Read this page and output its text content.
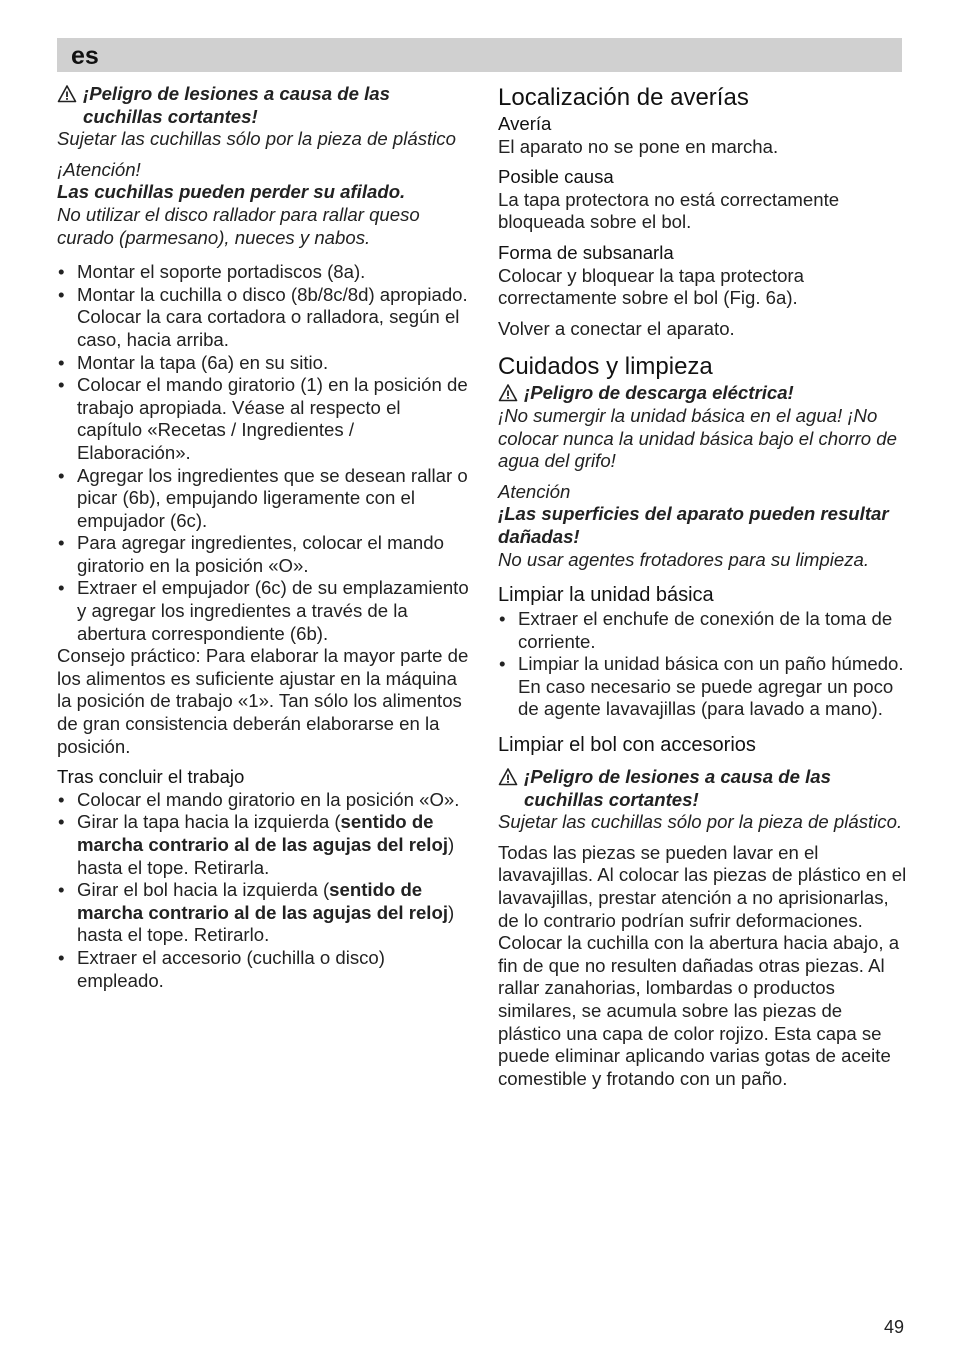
es

¡Peligro de lesiones a causa de las
cuchillas cortantes!

Sujetar las cuchillas sólo por la pieza de plástico

¡Atención!

Las cuchillas pueden perder su afilado.

No utilizar el disco rallador para rallar queso curado (parmesano), nueces y nabos.

• Montar el soporte portadiscos (8a).
• Montar la cuchilla o disco (8b/8c/8d) apropiado. Colocar la cara cortadora o ralladora, según el caso, hacia arriba.
• Montar la tapa (6a) en su sitio.
• Colocar el mando giratorio (1) en la posición de trabajo apropiada. Véase al respecto el capítulo «Recetas / Ingredientes / Elaboración».
• Agregar los ingredientes que se desean rallar o picar (6b), empujando ligeramente con el empujador (6c).
• Para agregar ingredientes, colocar el mando giratorio en la posición «O».
• Extraer el empujador (6c) de su emplazamiento y agregar los ingredientes a través de la abertura correspondiente (6b).

Consejo práctico: Para elaborar la mayor parte de los alimentos es suficiente ajustar en la máquina la posición de trabajo «1». Tan sólo los alimentos de gran consistencia deberán elaborarse en la posición.

Tras concluir el trabajo

• Colocar el mando giratorio en la posición «O».
• Girar la tapa hacia la izquierda (sentido de marcha contrario al de las agujas del reloj) hasta el tope. Retirarla.
• Girar el bol hacia la izquierda (sentido de marcha contrario al de las agujas del reloj) hasta el tope. Retirarlo.
• Extraer el accesorio (cuchilla o disco) empleado.
Localización de averías

Avería

El aparato no se pone en marcha.

Posible causa

La tapa protectora no está correctamente bloqueada sobre el bol.

Forma de subsanarla

Colocar y bloquear la tapa protectora correctamente sobre el bol (Fig. 6a).

Volver a conectar el aparato.

Cuidados y limpieza

¡Peligro de descarga eléctrica!

¡No sumergir la unidad básica en el agua! ¡No colocar nunca la unidad básica bajo el chorro de agua del grifo!

Atención

¡Las superficies del aparato pueden resultar dañadas!

No usar agentes frotadores para su limpieza.

Limpiar la unidad básica
• Extraer el enchufe de conexión de la toma de corriente.
• Limpiar la unidad básica con un paño húmedo. En caso necesario se puede agregar un poco de agente lavavajillas (para lavado a mano).
Limpiar el bol con accesorios

¡Peligro de lesiones a causa de las
cuchillas cortantes!

Sujetar las cuchillas sólo por la pieza de plástico.

Todas las piezas se pueden lavar en el lavavajillas. Al colocar las piezas de plástico en el lavavajillas, prestar atención a no aprisionarlas, de lo contrario podrían sufrir deformaciones. Colocar la cuchilla con la abertura hacia abajo, a fin de que no resulten dañadas otras piezas. Al rallar zanahorias, lombardas o productos similares, se acumula sobre las piezas de plástico una capa de color rojizo. Esta capa se puede eliminar aplicando varias gotas de aceite comestible y frotando con un paño.

49
